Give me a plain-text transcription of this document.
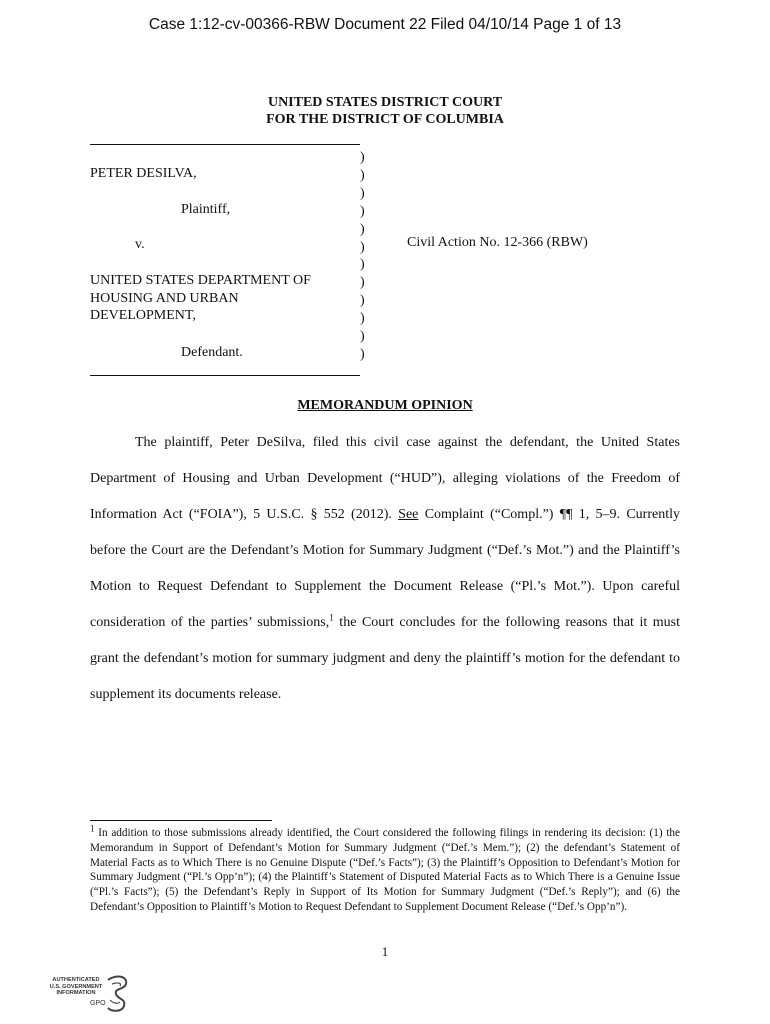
Case 1:12-cv-00366-RBW Document 22 Filed 04/10/14 Page 1 of 13
UNITED STATES DISTRICT COURT
FOR THE DISTRICT OF COLUMBIA
PETER DESILVA,
Plaintiff,
v.
UNITED STATES DEPARTMENT OF
HOUSING AND URBAN
DEVELOPMENT,
Defendant.
)
)
)
)
)
)
)
)
)
)
)
)
Civil Action No. 12-366 (RBW)
MEMORANDUM OPINION
The plaintiff, Peter DeSilva, filed this civil case against the defendant, the United States Department of Housing and Urban Development (“HUD”), alleging violations of the Freedom of Information Act (“FOIA”), 5 U.S.C. § 552 (2012). See Complaint (“Compl.”) ¶¶ 1, 5–9. Currently before the Court are the Defendant’s Motion for Summary Judgment (“Def.’s Mot.”) and the Plaintiff’s Motion to Request Defendant to Supplement the Document Release (“Pl.’s Mot.”). Upon careful consideration of the parties’ submissions,$^1$ the Court concludes for the following reasons that it must grant the defendant’s motion for summary judgment and deny the plaintiff’s motion for the defendant to supplement its documents release.
$^1$ In addition to those submissions already identified, the Court considered the following filings in rendering its decision: (1) the Memorandum in Support of Defendant’s Motion for Summary Judgment (“Def.’s Mem.”); (2) the defendant’s Statement of Material Facts as to Which There is no Genuine Dispute (“Def.’s Facts”); (3) the Plaintiff’s Opposition to Defendant’s Motion for Summary Judgment (“Pl.’s Opp’n”); (4) the Plaintiff’s Statement of Disputed Material Facts as to Which There is a Genuine Issue (“Pl.’s Facts”); (5) the Defendant’s Reply in Support of Its Motion for Summary Judgment (“Def.’s Reply”); and (6) the Defendant’s Opposition to Plaintiff’s Motion to Request Defendant to Supplement Document Release (“Def.’s Opp’n”).
1
AUTHENTICATED
U.S. GOVERNMENT
INFORMATION
GPO
